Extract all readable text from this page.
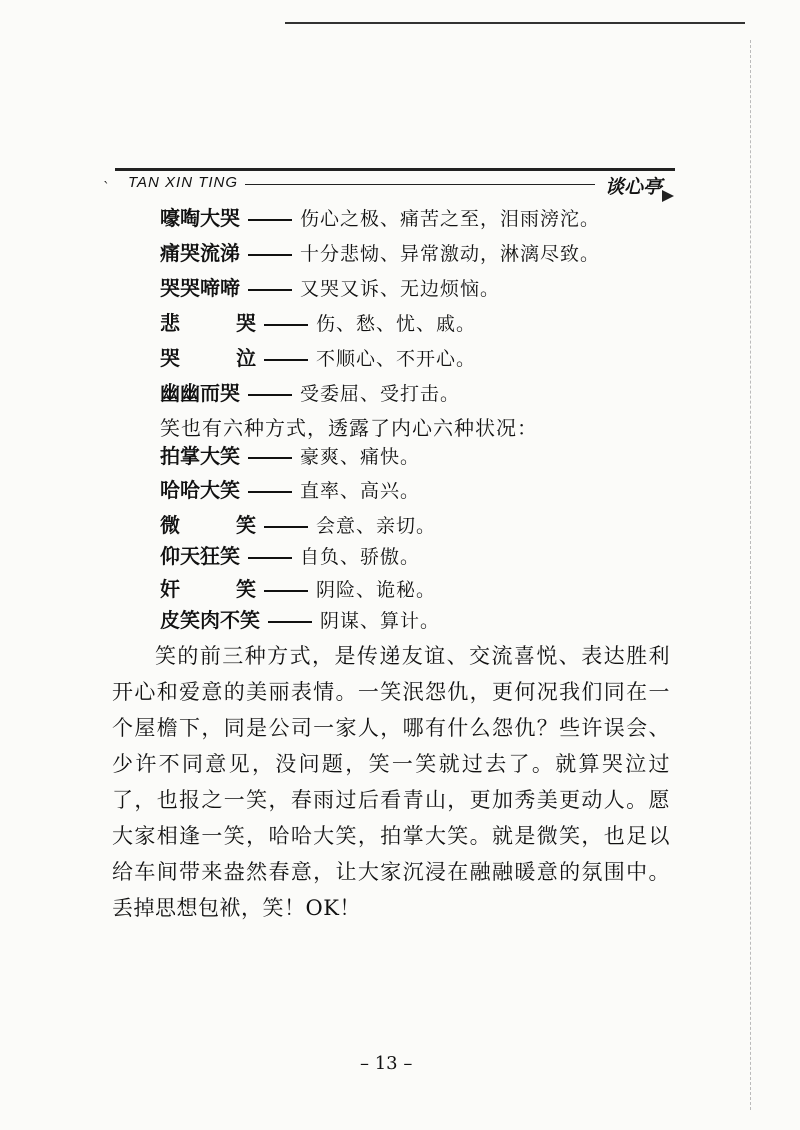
ˋ TAN XIN TING	谈心亭
嚎啕大哭	伤心之极、痛苦之至，泪雨滂沱。
痛哭流涕	十分悲恸、异常激动，淋漓尽致。
哭哭啼啼	又哭又诉、无边烦恼。
悲哭	伤、愁、忧、戚。
哭泣	不顺心、不开心。
幽幽而哭	受委屈、受打击。
笑也有六种方式，透露了内心六种状况：
拍掌大笑	豪爽、痛快。
哈哈大笑	直率、高兴。
微笑	会意、亲切。
仰天狂笑	自负、骄傲。
奸笑	阴险、诡秘。
皮笑肉不笑	阴谋、算计。
笑的前三种方式，是传递友谊、交流喜悦、表达胜利开心和爱意的美丽表情。一笑泯怨仇，更何况我们同在一个屋檐下，同是公司一家人，哪有什么怨仇？些许误会、少许不同意见，没问题，笑一笑就过去了。就算哭泣过了，也报之一笑，春雨过后看青山，更加秀美更动人。愿大家相逢一笑，哈哈大笑，拍掌大笑。就是微笑，也足以给车间带来盎然春意，让大家沉浸在融融暖意的氛围中。丢掉思想包袱，笑！OK！
– 13 –
